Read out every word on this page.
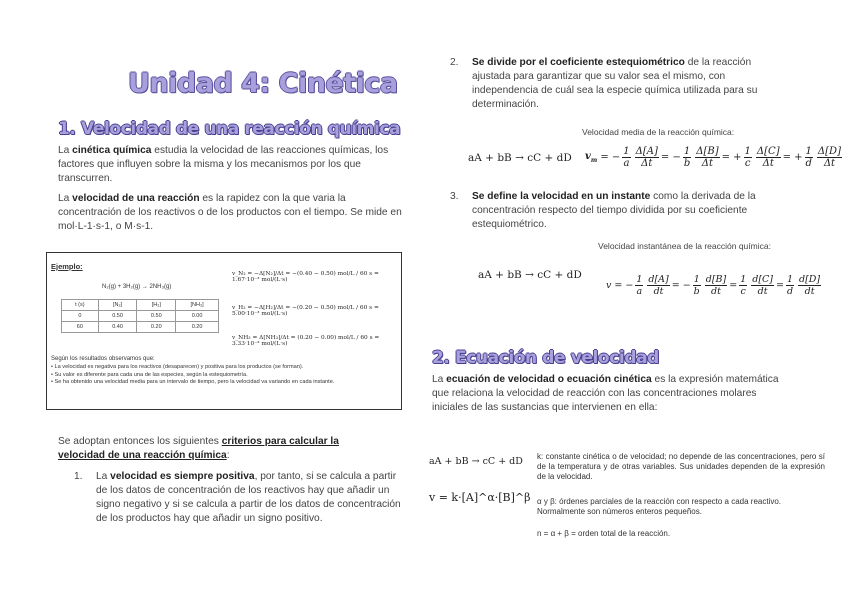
Unidad 4: Cinética
1. Velocidad de una reacción química

La cinética química estudia la velocidad de las reacciones químicas, los factores que influyen sobre la misma y los mecanismos por los que transcurren.

La velocidad de una reacción es la rapidez con la que varia la concentración de los reactivos o de los productos con el tiempo. Se mide en mol·L-1·s-1, o M·s-1.

Ejemplo:
N₂(g) + 3H₂(g) → 2NH₃(g)
t (s)	[N₂]	[H₂]	[NH₃]
0	0.50	0.50	0.00
60	0.40	0.20	0.20
v_N₂ = −Δ[N₂]/Δt = −(0.40 − 0.50) mol/L / 60 s = 1.67·10⁻³ mol/(L·s)
v_H₂ = −Δ[H₂]/Δt = −(0.20 − 0.50) mol/L / 60 s = 5.00·10⁻³ mol/(L·s)
v_NH₃ = Δ[NH₃]/Δt = (0.20 − 0.00) mol/L / 60 s = 3.33·10⁻³ mol/(L·s)
Según los resultados observamos que:
• La velocidad es negativa para los reactivos (desaparecen) y positiva para los productos (se forman).
• Su valor es diferente para cada una de las especies, según la estequiometría.
• Se ha obtenido una velocidad media para un intervalo de tiempo, pero la velocidad va variando en cada instante.

Se adoptan entonces los siguientes criterios para calcular la velocidad de una reacción química:

1.	La velocidad es siempre positiva, por tanto, si se calcula a partir de los datos de concentración de los reactivos hay que añadir un signo negativo y si se calcula a partir de los datos de concentración de los productos hay que añadir un signo positivo.

2.	Se divide por el coeficiente estequiométrico de la reacción ajustada para garantizar que su valor sea el mismo, con independencia de cuál sea la especie química utilizada para su determinación.

Velocidad media de la reacción química:
aA + bB → cC + dD $v_m$ = − $\frac{1}{a} \frac{\Delta[A]}{\Delta t}$ = − $\frac{1}{b} \frac{\Delta[B]}{\Delta t}$ = + $\frac{1}{c} \frac{\Delta[C]}{\Delta t}$ = + $\frac{1}{d} \frac{\Delta[D]}{\Delta t}$
3.	Se define la velocidad en un instante como la derivada de la concentración respecto del tiempo dividida por su coeficiente estequiométrico.

Velocidad instantánea de la reacción química:
aA + bB → cC + dD
v = − $\frac{1}{a} \frac{d[A]}{dt}$ = − $\frac{1}{b} \frac{d[B]}{dt} = \frac{1}{c} \frac{d[C]}{dt} = \frac{1}{d} \frac{d[D]}{dt}$
2. Ecuación de velocidad

La ecuación de velocidad o ecuación cinética es la expresión matemática que relaciona la velocidad de reacción con las concentraciones molares iniciales de las sustancias que intervienen en ella:

aA + bB → cC + dD
v = k·[A]^α·[B]^β
k: constante cinética o de velocidad; no depende de las concentraciones, pero sí de la temperatura y de otras variables. Sus unidades dependen de la expresión de la velocidad.
α y β: órdenes parciales de la reacción con respecto a cada reactivo. Normalmente son números enteros pequeños.
n = α + β = orden total de la reacción.
